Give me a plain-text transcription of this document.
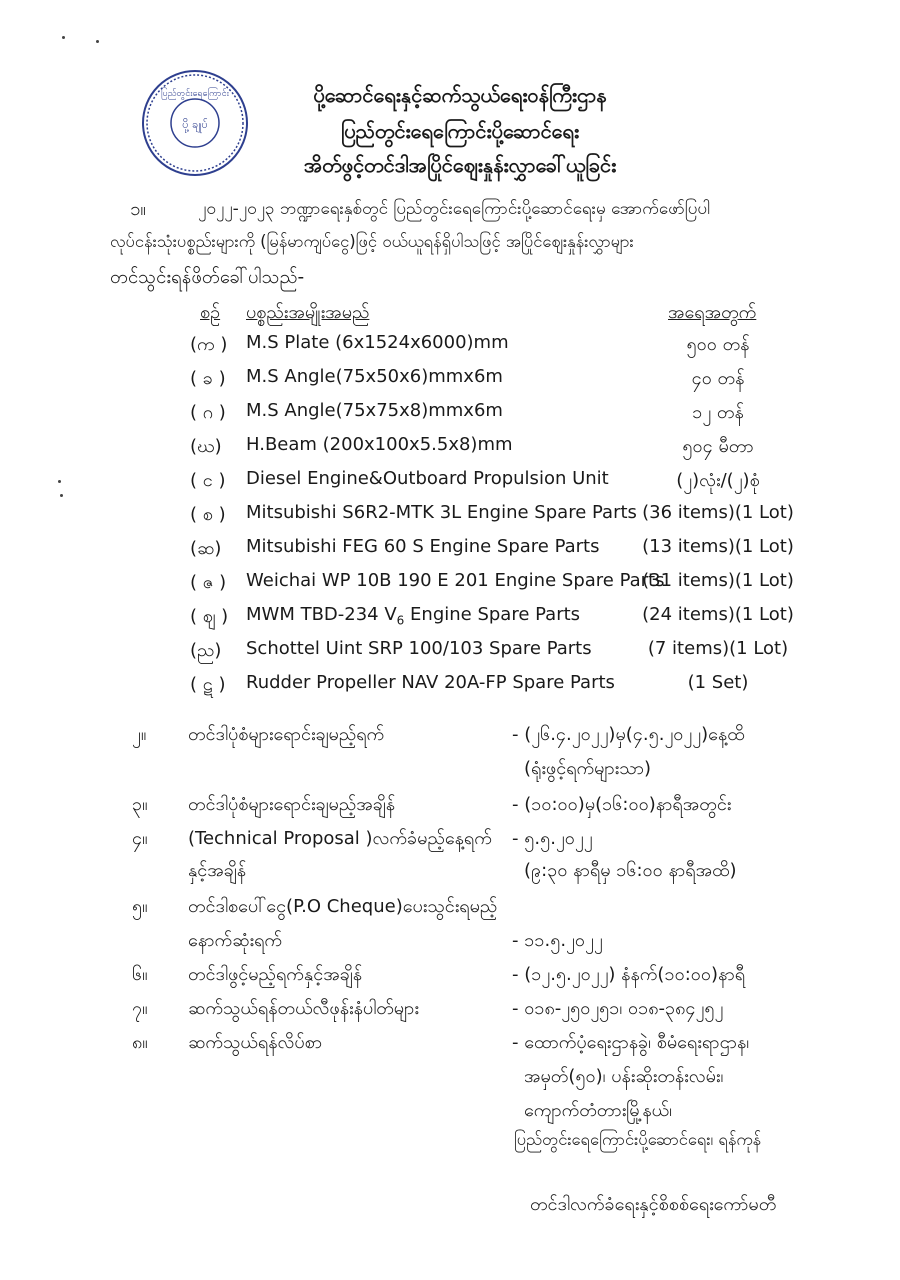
ပြည်တွင်းရေကြောင်း
ပို့ ချုပ်
ပို့ဆောင်ရေးနှင့်ဆက်သွယ်ရေးဝန်ကြီးဌာန
ပြည်တွင်းရေကြောင်းပို့ဆောင်ရေး
အိတ်ဖွင့်တင်ဒါအပြိုင်ဈေးနှုန်းလွှာခေါ်ယူခြင်း
၁။	၂၀၂၂-၂၀၂၃ ဘဏ္ဍာရေးနှစ်တွင် ပြည်တွင်းရေကြောင်းပို့ဆောင်ရေးမှ အောက်ဖော်ပြပါ
လုပ်ငန်းသုံးပစ္စည်းများကို (မြန်မာကျပ်ငွေ)ဖြင့် ဝယ်ယူရန်ရှိပါသဖြင့် အပြိုင်ဈေးနှုန်းလွှာများ
တင်သွင်းရန်ဖိတ်ခေါ်ပါသည်-
စဉ် ပစ္စည်းအမျိုးအမည်	အရေအတွက်
(က ) M.S Plate (6x1524x6000)mm	၅၀၀ တန်
( ခ ) M.S Angle(75x50x6)mmx6m	၄၀ တန်
( ဂ ) M.S Angle(75x75x8)mmx6m	၁၂ တန်
(ဃ) H.Beam (200x100x5.5x8)mm	၅၀၄ မီတာ
( င ) Diesel Engine&Outboard Propulsion Unit	(၂)လုံး/(၂)စုံ
( စ ) Mitsubishi S6R2-MTK 3L Engine Spare Parts (36 items)(1 Lot)
(ဆ) Mitsubishi FEG 60 S Engine Spare Parts	(13 items)(1 Lot)
( ဇ ) Weichai WP 10B 190 E 201 Engine Spare Parts
(31 items)(1 Lot)
( ဈ ) MWM TBD-234 $V_6$ Engine Spare Parts	(24 items)(1 Lot)
(ည) Schottel Uint SRP 100/103 Spare Parts	(7 items)(1 Lot)
( ဋ ) Rudder Propeller NAV 20A-FP Spare Parts	(1 Set)
၂။ တင်ဒါပုံစံများရောင်းချမည့်ရက်	- (၂၆.၄.၂၀၂၂)မှ(၄.၅.၂၀၂၂)နေ့ထိ
(ရုံးဖွင့်ရက်များသာ)
၃။ တင်ဒါပုံစံများရောင်းချမည့်အချိန်	- (၁၀:၀၀)မှ(၁၆:၀၀)နာရီအတွင်း
၄။ (Technical Proposal )လက်ခံမည့်နေ့ရက်
နှင့်အချိန်
- ၅.၅.၂၀၂၂
(၉:၃၀ နာရီမှ ၁၆:၀၀ နာရီအထိ)
၅။ တင်ဒါစပေါ်ငွေ(P.O Cheque)ပေးသွင်းရမည့်
နောက်ဆုံးရက်	- ၁၁.၅.၂၀၂၂
၆။ တင်ဒါဖွင့်မည့်ရက်နှင့်အချိန်	- (၁၂.၅.၂၀၂၂) နံနက်(၁၀:၀၀)နာရီ
၇။ ဆက်သွယ်ရန်တယ်လီဖုန်းနံပါတ်များ	- ၀၁၈-၂၅၀၂၅၁၊ ၀၁၈-၃၈၄၂၅၂
၈။ ဆက်သွယ်ရန်လိပ်စာ	- ထောက်ပံ့ရေးဌာနခွဲ၊ စီမံရေးရာဌာန၊
အမှတ်(၅၀)၊ ပန်းဆိုးတန်းလမ်း၊
ကျောက်တံတားမြို့နယ်၊
ပြည်တွင်းရေကြောင်းပို့ဆောင်ရေး၊ ရန်ကုန်
တင်ဒါလက်ခံရေးနှင့်စိစစ်ရေးကော်မတီ
